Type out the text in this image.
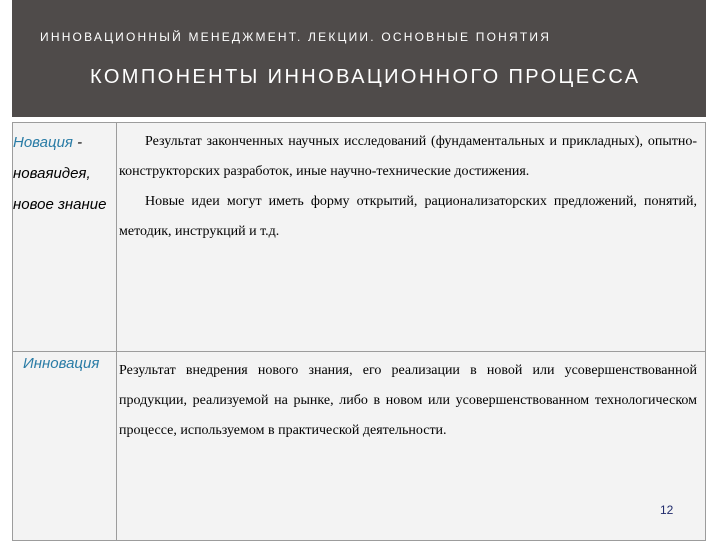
ИННОВАЦИОННЫЙ МЕНЕДЖМЕНТ. ЛЕКЦИИ. ОСНОВНЫЕ ПОНЯТИЯ
КОМПОНЕНТЫ ИННОВАЦИОННОГО ПРОЦЕССА
Новация - новаяидея, новое знание	Результат законченных научных исследований (фундаментальных и прикладных), опытно-конструкторских разработок, иные научно-технические достижения.

Новые идеи могут иметь форму открытий, рационализаторских предложений, понятий, методик, инструкций и т.д.

Инновация	Результат внедрения нового знания, его реализации в новой или усовершенствованной продукции, реализуемой на рынке, либо в новом или усовершенствованном технологическом процессе, используемом в практической деятельности.

12
